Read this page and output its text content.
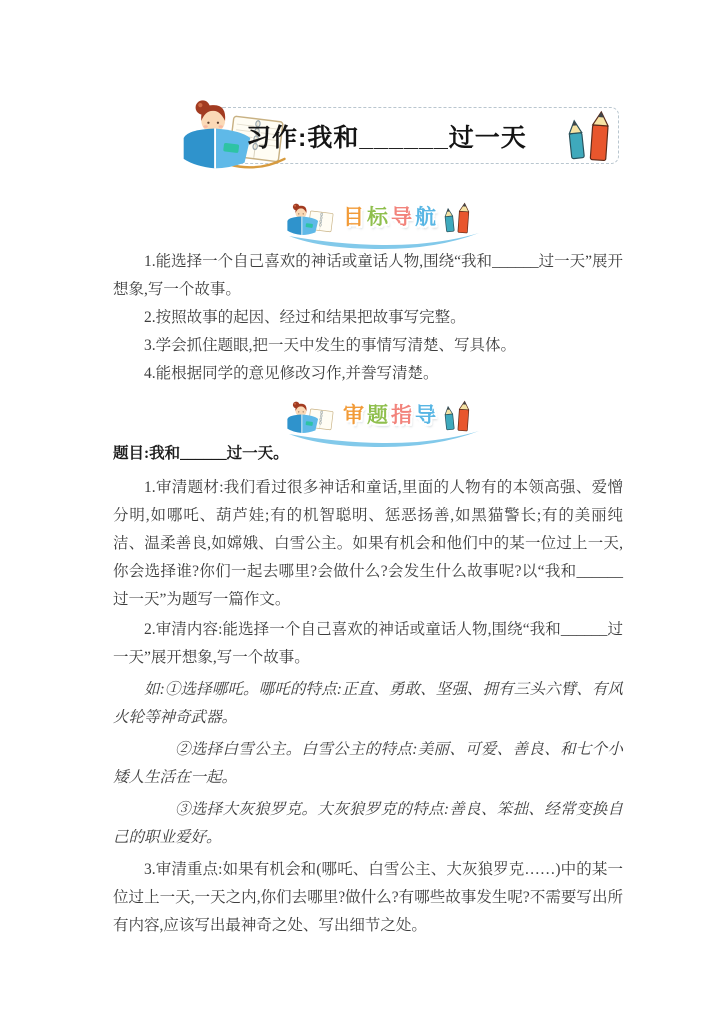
习作:我和______过一天
目标导航

1.能选择一个自己喜欢的神话或童话人物,围绕“我和______过一天”展开想象,写一个故事。

2.按照故事的起因、经过和结果把故事写完整。

3.学会抓住题眼,把一天中发生的事情写清楚、写具体。

4.能根据同学的意见修改习作,并誊写清楚。

审题指导

题目:我和______过一天。

1.审清题材:我们看过很多神话和童话,里面的人物有的本领高强、爱憎分明,如哪吒、葫芦娃;有的机智聪明、惩恶扬善,如黑猫警长;有的美丽纯洁、温柔善良,如嫦娥、白雪公主。如果有机会和他们中的某一位过上一天,你会选择谁?你们一起去哪里?会做什么?会发生什么故事呢?以“我和______过一天”为题写一篇作文。

2.审清内容:能选择一个自己喜欢的神话或童话人物,围绕“我和______过一天”展开想象,写一个故事。

如:①选择哪吒。哪吒的特点:正直、勇敢、坚强、拥有三头六臂、有风火轮等神奇武器。

②选择白雪公主。白雪公主的特点:美丽、可爱、善良、和七个小矮人生活在一起。

③选择大灰狼罗克。大灰狼罗克的特点:善良、笨拙、经常变换自己的职业爱好。

3.审清重点:如果有机会和(哪吒、白雪公主、大灰狼罗克……)中的某一位过上一天,一天之内,你们去哪里?做什么?有哪些故事发生呢?不需要写出所有内容,应该写出最神奇之处、写出细节之处。
